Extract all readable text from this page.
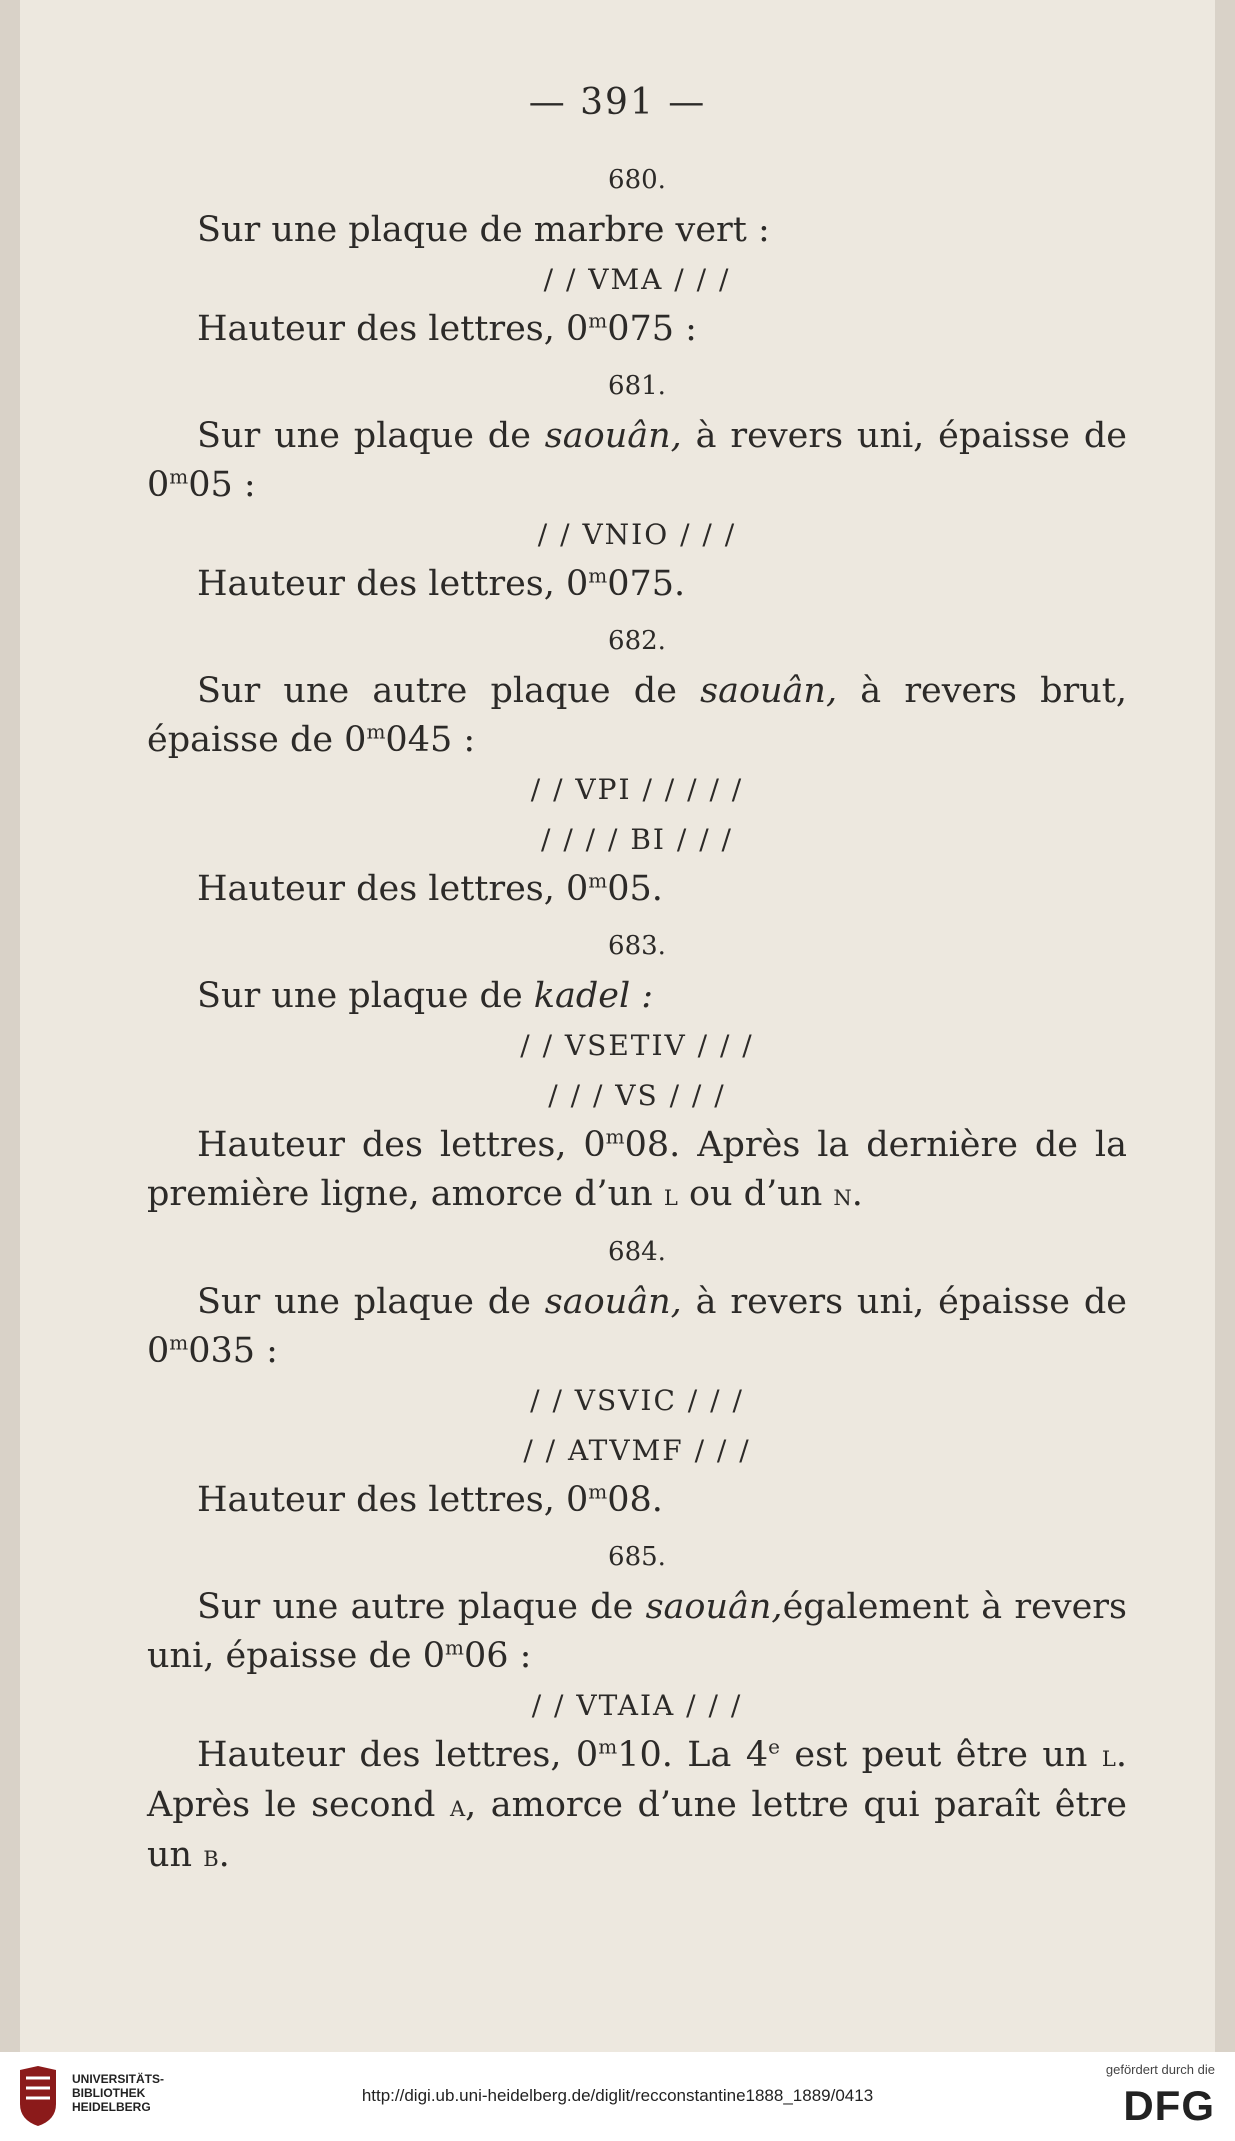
— 391 —
680.

Sur une plaque de marbre vert :

/ / VMA / / /

Hauteur des lettres, 0$^m$075 :

681.

Sur une plaque de saouân, à revers uni, épaisse de 0$^m$05 :

/ / VNIO / / /

Hauteur des lettres, 0$^m$075.

682.

Sur une autre plaque de saouân, à revers brut, épaisse de 0$^m$045 :

/ / VPI / / / / /
/ / / / BI / / /

Hauteur des lettres, 0$^m$05.

683.

Sur une plaque de kadel :

/ / VSETIV / / /
/ / / VS / / /

Hauteur des lettres, 0$^m$08. Après la dernière de la première ligne, amorce d’un l ou d’un n.

684.

Sur une plaque de saouân, à revers uni, épaisse de 0$^m$035 :

/ / VSVIC / / /
/ / ATVMF / / /

Hauteur des lettres, 0$^m$08.

685.

Sur une autre plaque de saouân,également à revers uni, épaisse de 0$^m$06 :

/ / VTAIA / / /

Hauteur des lettres, 0$^m$10. La 4e est peut être un l. Après le second a, amorce d’une lettre qui paraît être un b.

UNIVERSITÄTS-
BIBLIOTHEK
HEIDELBERG
http://digi.ub.uni-heidelberg.de/diglit/recconstantine1888_1889/0413
gefördert durch die
DFG
